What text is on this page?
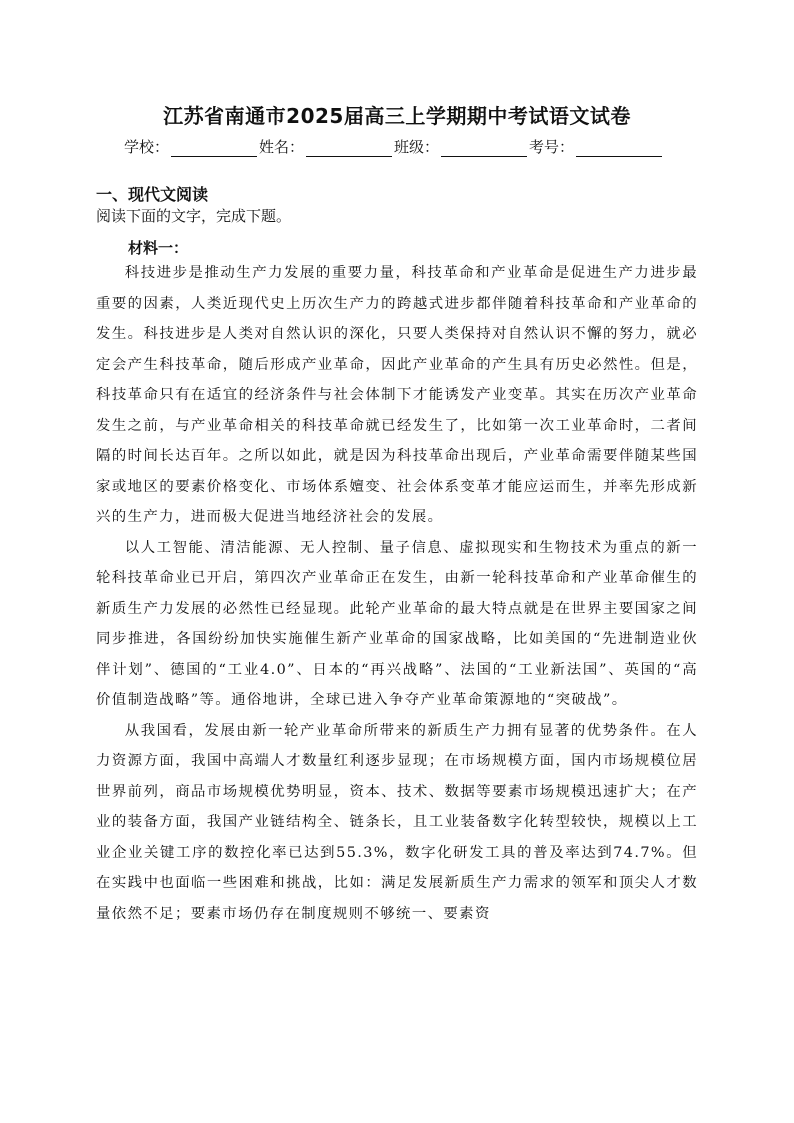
江苏省南通市2025届高三上学期期中考试语文试卷
学校：	姓名：	班级：	考号：
一、现代文阅读
阅读下面的文字，完成下题。
材料一：

科技进步是推动生产力发展的重要力量，科技革命和产业革命是促进生产力进步最重要的因素，人类近现代史上历次生产力的跨越式进步都伴随着科技革命和产业革命的发生。科技进步是人类对自然认识的深化，只要人类保持对自然认识不懈的努力，就必定会产生科技革命，随后形成产业革命，因此产业革命的产生具有历史必然性。但是，科技革命只有在适宜的经济条件与社会体制下才能诱发产业变革。其实在历次产业革命发生之前，与产业革命相关的科技革命就已经发生了，比如第一次工业革命时，二者间隔的时间长达百年。之所以如此，就是因为科技革命出现后，产业革命需要伴随某些国家或地区的要素价格变化、市场体系嬗变、社会体系变革才能应运而生，并率先形成新兴的生产力，进而极大促进当地经济社会的发展。

以人工智能、清洁能源、无人控制、量子信息、虚拟现实和生物技术为重点的新一轮科技革命业已开启，第四次产业革命正在发生，由新一轮科技革命和产业革命催生的新质生产力发展的必然性已经显现。此轮产业革命的最大特点就是在世界主要国家之间同步推进，各国纷纷加快实施催生新产业革命的国家战略，比如美国的“先进制造业伙伴计划”、德国的“工业4.0”、日本的“再兴战略”、法国的“工业新法国”、英国的“高价值制造战略”等。通俗地讲，全球已进入争夺产业革命策源地的“突破战”。

从我国看，发展由新一轮产业革命所带来的新质生产力拥有显著的优势条件。在人力资源方面，我国中高端人才数量红利逐步显现；在市场规模方面，国内市场规模位居世界前列，商品市场规模优势明显，资本、技术、数据等要素市场规模迅速扩大；在产业的装备方面，我国产业链结构全、链条长，且工业装备数字化转型较快，规模以上工业企业关键工序的数控化率已达到55.3%，数字化研发工具的普及率达到74.7%。但在实践中也面临一些困难和挑战，比如：满足发展新质生产力需求的领军和顶尖人才数量依然不足；要素市场仍存在制度规则不够统一、要素资
